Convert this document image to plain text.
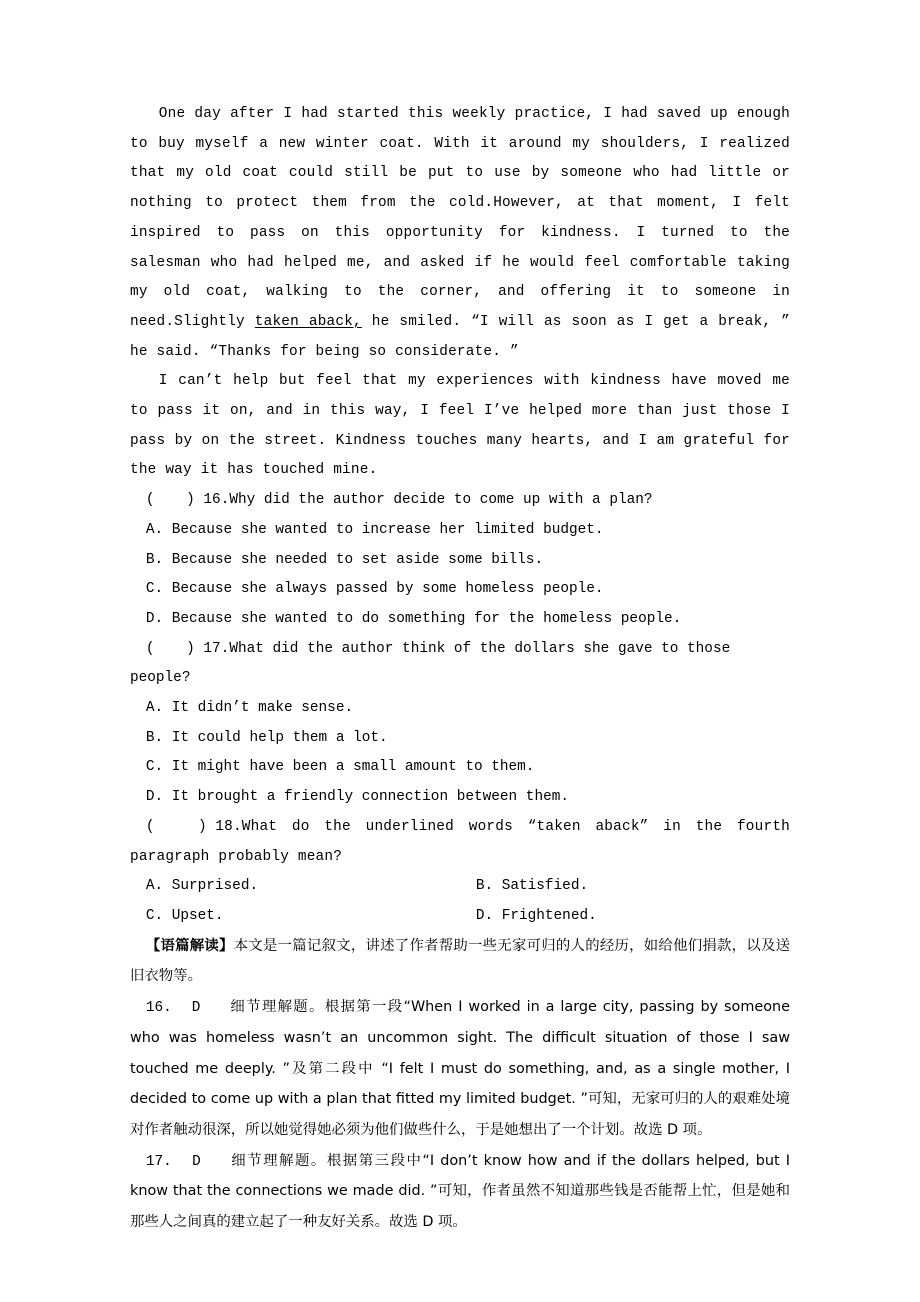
One day after I had started this weekly practice, I had saved up enough to buy myself a new winter coat. With it around my shoulders, I realized that my old coat could still be put to use by someone who had little or nothing to protect them from the cold.However, at that moment, I felt inspired to pass on this opportunity for kindness. I turned to the salesman who had helped me, and asked if he would feel comfortable taking my old coat, walking to the corner, and offering it to someone in need.Slightly taken aback, he smiled. “I will as soon as I get a break, ” he said. “Thanks for being so considerate. ”

I can’t help but feel that my experiences with kindness have moved me to pass it on, and in this way, I feel I’ve helped more than just those I pass by on the street. Kindness touches many hearts, and I am grateful for the way it has touched mine.

(　)16.Why did the author decide to come up with a plan?

A. Because she wanted to increase her limited budget.

B. Because she needed to set aside some bills.

C. Because she always passed by some homeless people.

D. Because she wanted to do something for the homeless people.

(　)17.What did the author think of the dollars she gave to those people?

A. It didn’t make sense.

B. It could help them a lot.

C. It might have been a small amount to them.

D. It brought a friendly connection between them.

(　)18.What do the underlined words “taken aback” in the fourth paragraph probably mean?

A. Surprised.	B. Satisfied.
C. Upset.	D. Frightened.

【语篇解读】本文是一篇记叙文，讲述了作者帮助一些无家可归的人的经历，如给他们捐款，以及送旧衣物等。

16. D 细节理解题。根据第一段“When I worked in a large city, passing by someone who was homeless wasn’t an uncommon sight. The difficult situation of those I saw touched me deeply. ”及第二段中 “I felt I must do something, and, as a single mother, I decided to come up with a plan that fitted my limited budget. ”可知，无家可归的人的艰难处境对作者触动很深，所以她觉得她必须为他们做些什么，于是她想出了一个计划。故选 D 项。

17. D 细节理解题。根据第三段中“I don’t know how and if the dollars helped, but I know that the connections we made did. ”可知，作者虽然不知道那些钱是否能帮上忙，但是她和那些人之间真的建立起了一种友好关系。故选 D 项。
